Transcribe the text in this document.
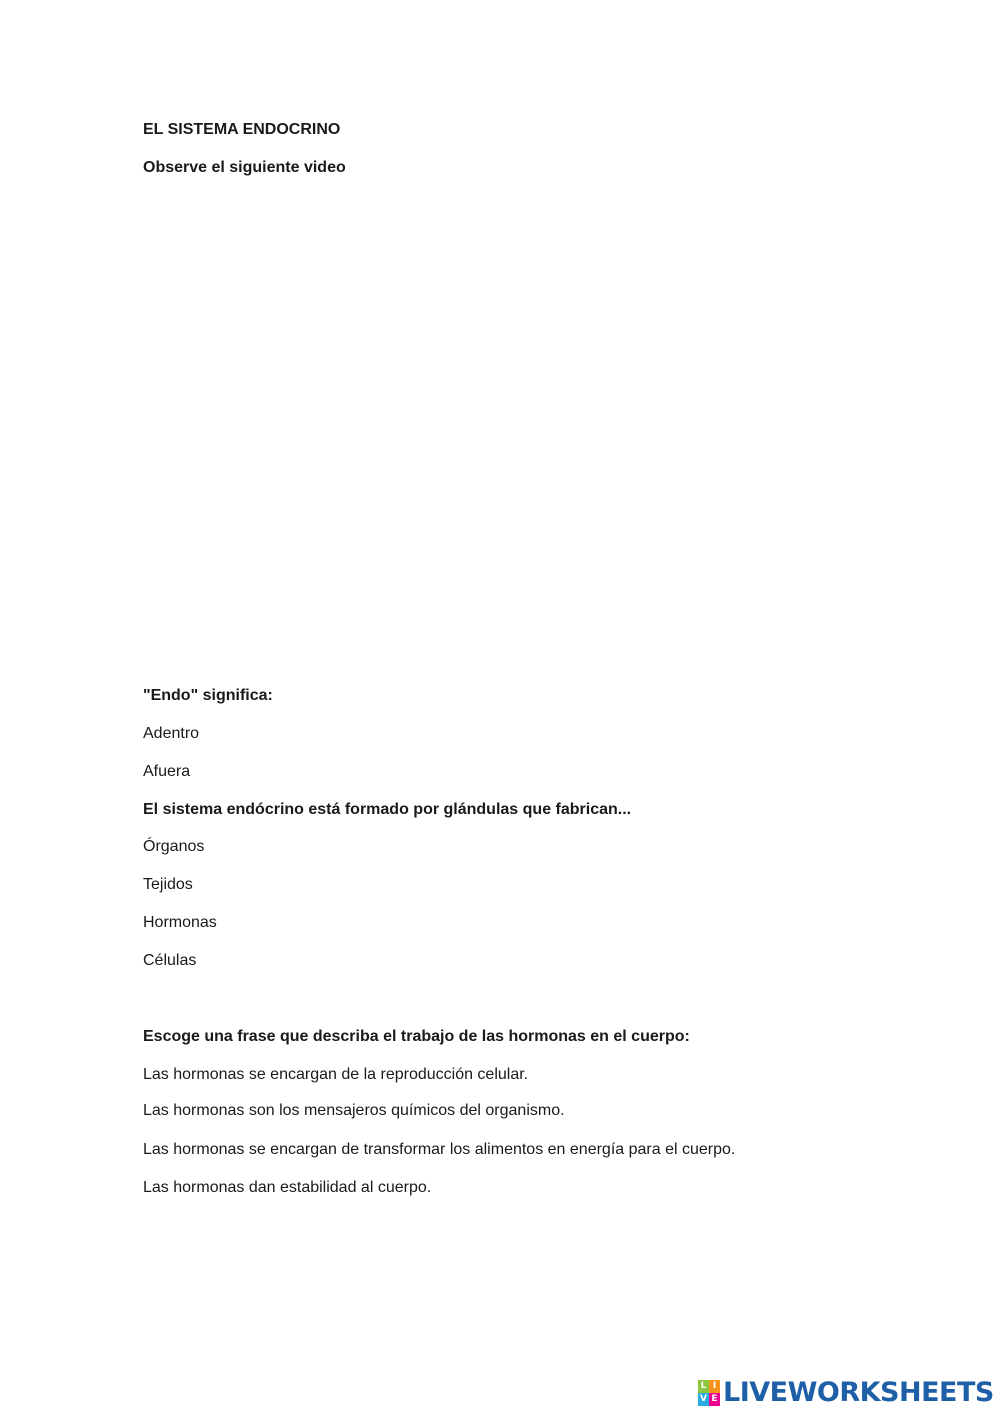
EL SISTEMA ENDOCRINO
Observe el siguiente video
"Endo" significa:
Adentro
Afuera
El sistema endócrino está formado por glándulas que fabrican...
Órganos
Tejidos
Hormonas
Células
Escoge una frase que describa el trabajo de las hormonas en el cuerpo:
Las hormonas se encargan de la reproducción celular.
Las hormonas son los mensajeros químicos del organismo.
Las hormonas se encargan de transformar los alimentos en energía para el cuerpo.
Las hormonas dan estabilidad al cuerpo.
L I
V E LIVEWORKSHEETS
